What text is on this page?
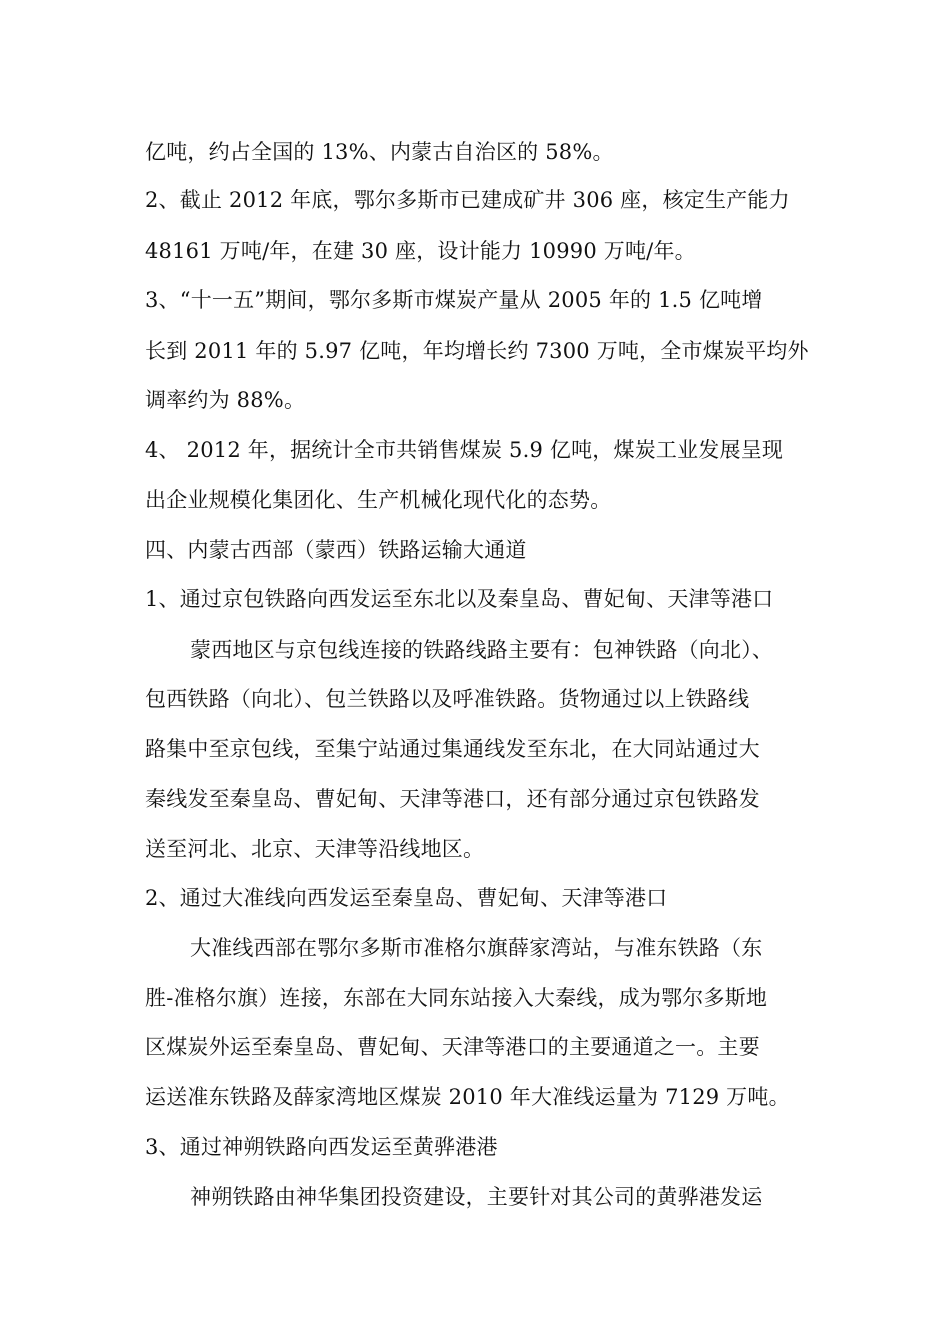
亿吨，约占全国的 13%、内蒙古自治区的 58%。
2、截止 2012 年底，鄂尔多斯市已建成矿井 306 座，核定生产能力
48161 万吨/年，在建 30 座，设计能力 10990 万吨/年。
3、“十一五”期间，鄂尔多斯市煤炭产量从 2005 年的 1.5 亿吨增
长到 2011 年的 5.97 亿吨，年均增长约 7300 万吨，全市煤炭平均外
调率约为 88%。
4、 2012 年，据统计全市共销售煤炭 5.9 亿吨，煤炭工业发展呈现
出企业规模化集团化、生产机械化现代化的态势。
四、内蒙古西部（蒙西）铁路运输大通道
1、通过京包铁路向西发运至东北以及秦皇岛、曹妃甸、天津等港口
蒙西地区与京包线连接的铁路线路主要有：包神铁路（向北）、
包西铁路（向北）、包兰铁路以及呼准铁路。货物通过以上铁路线
路集中至京包线，至集宁站通过集通线发至东北，在大同站通过大
秦线发至秦皇岛、曹妃甸、天津等港口，还有部分通过京包铁路发
送至河北、北京、天津等沿线地区。
2、通过大准线向西发运至秦皇岛、曹妃甸、天津等港口
大准线西部在鄂尔多斯市准格尔旗薛家湾站，与准东铁路（东
胜-准格尔旗）连接，东部在大同东站接入大秦线，成为鄂尔多斯地
区煤炭外运至秦皇岛、曹妃甸、天津等港口的主要通道之一。主要
运送准东铁路及薛家湾地区煤炭 2010 年大准线运量为 7129 万吨。
3、通过神朔铁路向西发运至黄骅港港
神朔铁路由神华集团投资建设，主要针对其公司的黄骅港发运
